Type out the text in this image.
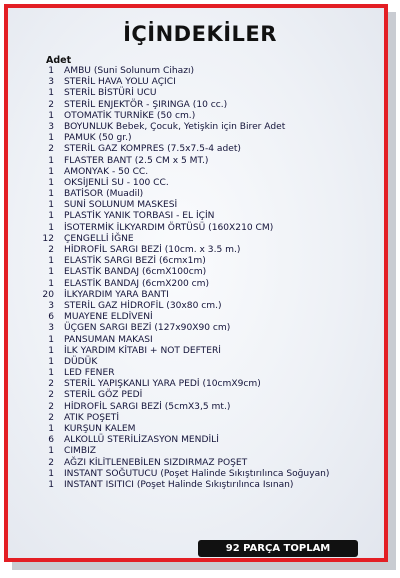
İÇİNDEKİLER
Adet
1	AMBU (Suni Solunum Cihazı)
3	STERİL HAVA YOLU AÇICI
1	STERİL BİSTÜRİ UCU
2	STERİL ENJEKTÖR - ŞIRINGA (10 cc.)
1	OTOMATİK TURNİKE (50 cm.)
3	BOYUNLUK Bebek, Çocuk, Yetişkin için Birer Adet
1	PAMUK (50 gr.)
2	STERİL GAZ KOMPRES (7.5x7.5-4 adet)
1	FLASTER BANT (2.5 CM x 5 MT.)
1	AMONYAK - 50 CC.
1	OKSİJENLİ SU - 100 CC.
1	BATİSOR (Muadil)
1	SUNİ SOLUNUM MASKESİ
1	PLASTİK YANIK TORBASI - EL İÇİN
1	İSOTERMİK İLKYARDIM ÖRTÜSÜ (160X210 CM)
12	ÇENGELLİ İĞNE
2	HİDROFİL SARGI BEZİ (10cm. x 3.5 m.)
1	ELASTİK SARGI BEZİ (6cmx1m)
1	ELASTİK BANDAJ (6cmX100cm)
1	ELASTİK BANDAJ (6cmX200 cm)
20	İLKYARDIM YARA BANTI
3	STERİL GAZ HİDROFİL (30x80 cm.)
6	MUAYENE ELDİVENİ
3	ÜÇGEN SARGI BEZİ (127x90X90 cm)
1	PANSUMAN MAKASI
1	İLK YARDIM KİTABI + NOT DEFTERİ
1	DÜDÜK
1	LED FENER
2	STERİL YAPIŞKANLI YARA PEDİ (10cmX9cm)
2	STERİL GÖZ PEDİ
2	HİDROFİL SARGI BEZİ (5cmX3,5 mt.)
2	ATIK POŞETİ
1	KURŞUN KALEM
6	ALKOLLÜ STERİLİZASYON MENDİLİ
1	CIMBIZ
2	AĞZI KİLİTLENEBİLEN SIZDIRMAZ POŞET
1	INSTANT SOĞUTUCU (Poşet Halinde Sıkıştırılınca Soğuyan)
1	INSTANT ISITICI (Poşet Halinde Sıkıştırılınca Isınan)
92 PARÇA TOPLAM
